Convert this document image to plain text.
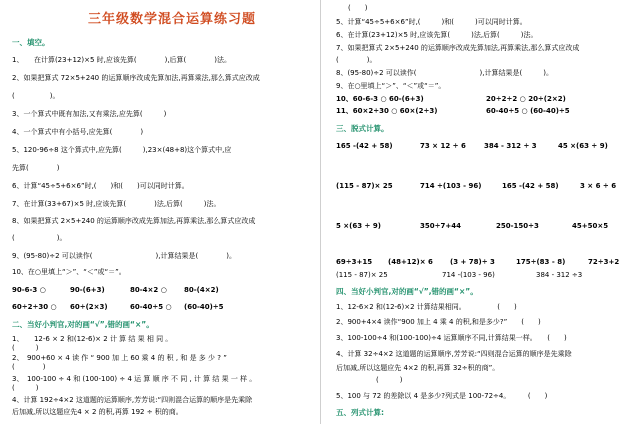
三年级数学混合运算练习题
一、填空。
1、　　在计算(23+12)×5 时,应该先算(　　　　),后算(　　　　)法。
2、如果把算式 72×5+240 的运算顺序改成先算加法,再算乘法,那么算式应改成
(　　　　　)。
3、一个算式中既有加法,又有乘法,应先算(　　　)
4、一个算式中有小括号,应先算(　　　　)
5、120-96÷8 这个算式中,应先算(　　　),23×(48+8)这个算式中,应
先算(　　　　)
6、计算“45÷5+6×6”时,(　　)和(　　)可以同时计算。
7、在计算(33+67)×5 时,应该先算(　　　　)法,后算(　　　)法。
8、如果把算式 2×5+240 的运算顺序改成先算加法,再算乘法,那么算式应改成
(　　　　　　)。
9、(95-80)÷2 可以读作(　　　　　　　　　),计算结果是(　　　　)。
10、在○里填上“＞”、“＜”或“＝”。
90-6-3 ○	90-(6+3)	80-4×2 ○ 80-(4×2)
60÷2÷30 ○ 60÷(2×3)	60-40÷5 ○ (60-40)÷5
二、当好小判官,对的画“√”,错的画“×”。
1、　　12-6 × 2 和(12-6)× 2 计 算 结 果 相 同 。
(　　　)
2、　900+60 × 4 读 作 “ 900 加 上 60 乘 4 的 积 , 和 是 多 少 ? ”
(　　　　)
3、　100-100 ÷ 4 和 (100-100) ÷ 4 运 算 顺 序 不 同 , 计 算 结 果 一 样 。
(　　　)
4、计算 192÷4×2 这道题的运算顺序,芳芳说:“四则混合运算的顺序是先乘除
后加减,所以这题应先4 × 2 的积,再算 192 ÷ 积的商。
(　　)
5、计算“45÷5+6×6”时,(　　　)和(　　　)可以同时计算。
6、在计算(23+12)×5 时,应该先算(　　　)法,后算(　　　)法。
7、如果把算式 2×5+240 的运算顺序改成先算加法,再算乘法,那么算式应改成
(　　　　)。
8、(95-80)÷2 可以读作(　　　　　　　　　),计算结果是(　　　)。
9、在○里填上“＞”、“＜”或“＝”。
10、60-6-3 ○ 60-(6+3)	20÷2÷2 ○ 20÷(2×2)
11、60×2÷30 ○ 60×(2÷3)	60-40÷5 ○ (60-40)÷5
三、脱式计算。
165 -(42 + 58)	73 × 12 ÷ 6	384 - 312 ÷ 3	45 ×(63 ÷ 9)
(115 - 87)× 25	714 ÷(103 - 96)	165 -(42 + 58)	3 × 6 ÷ 6
5 ×(63 ÷ 9)	350÷7+44	250-150÷3	45+50×5
69÷3+15 (48+12)× 6 (3 + 78)÷ 3	175÷(83 - 8)	72÷3+2
(115 - 87)× 25	714 -(103 - 96)	384 - 312 ÷3
四、当好小判官,对的画“√”,错的画“×”。
1、12-6×2 和(12-6)×2 计算结果相同。　　　　　(　　)
2、900+4×4 读作“900 加上 4 乘 4 的积,和是多少?”　　(　　)
3、100-100÷4 和(100-100)÷4 运算顺序不同,计算结果一样。　　(　　)
4、计算 32÷4×2 这道题的运算顺序,芳芳说:“四则混合运算的顺序是先乘除
后加减,所以这题应先 4×2 的积,再算 32÷积的商”。
(　　　)
5、100 与 72 的差除以 4 是多少?列式是 100-72÷4。　　　(　　)
五、列式计算:
